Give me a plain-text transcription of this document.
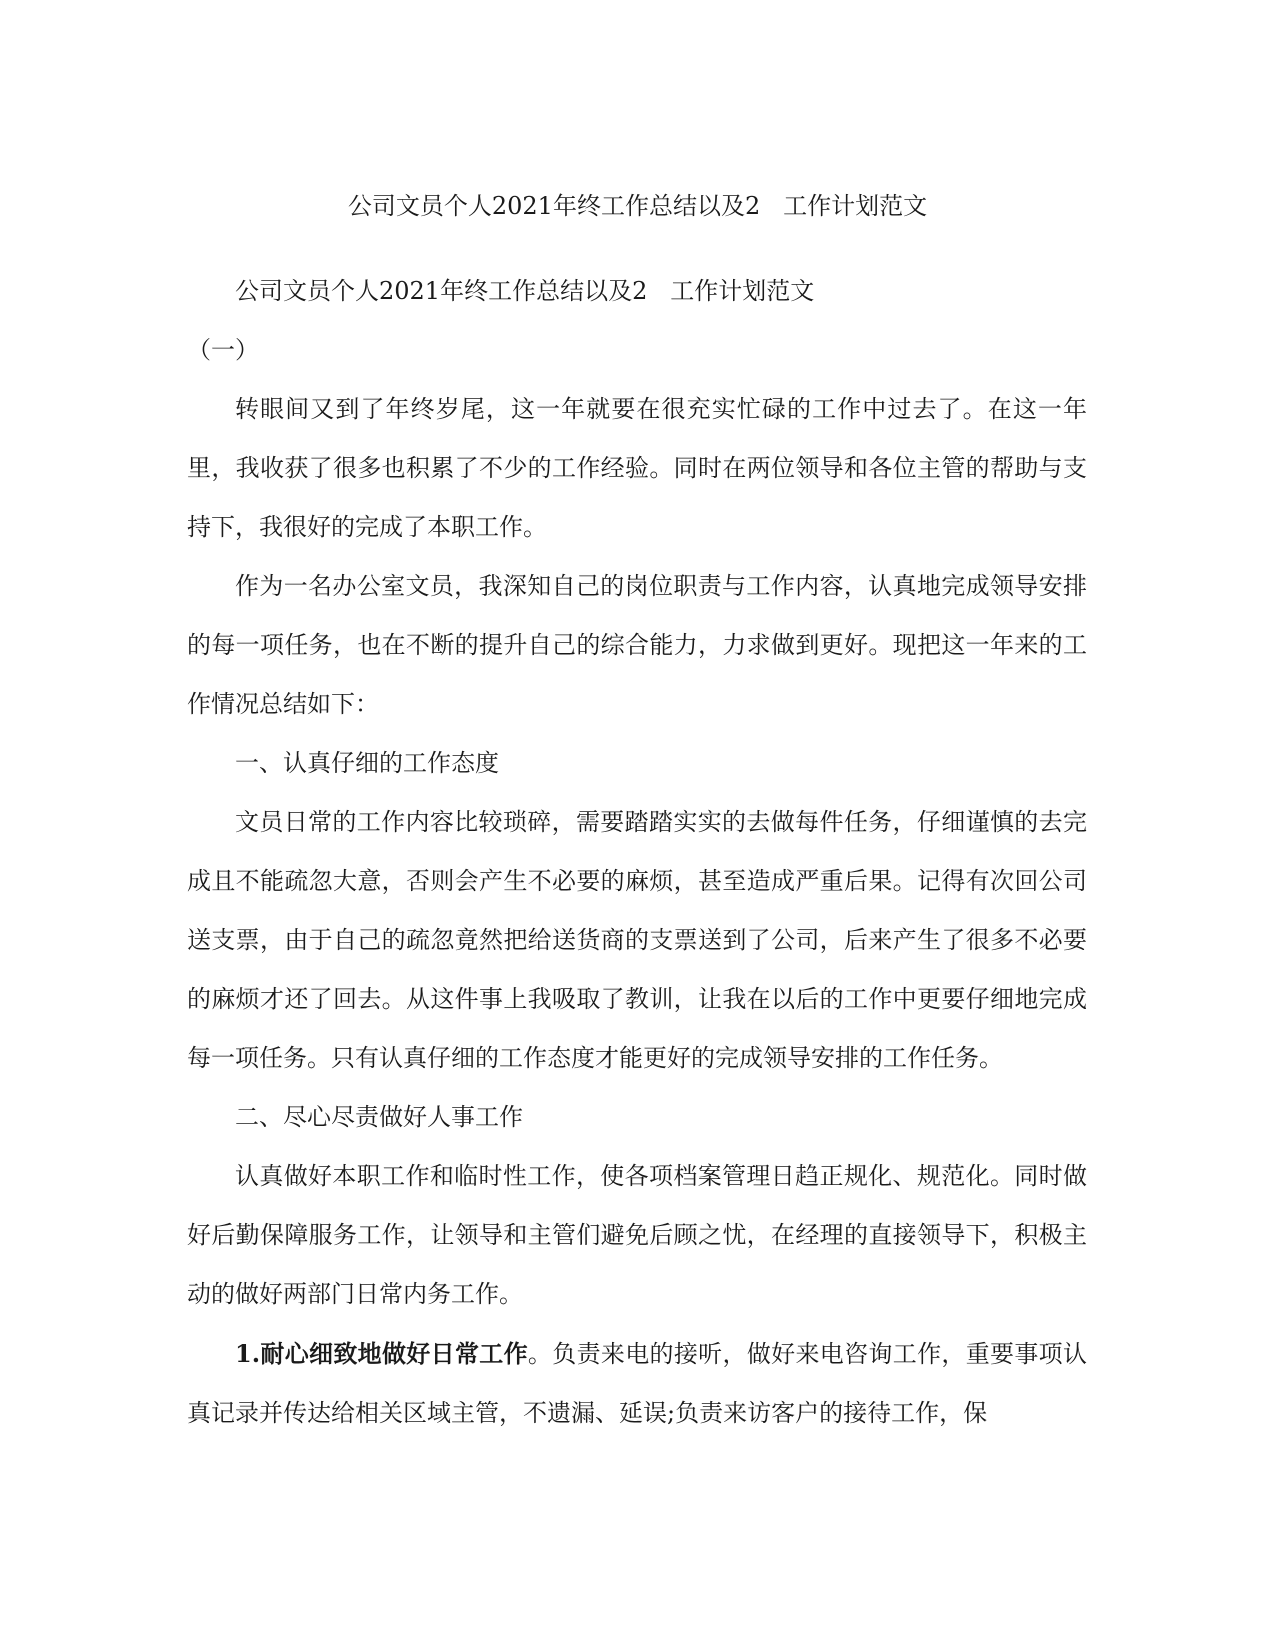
公司文员个人2021年终工作总结以及2   工作计划范文

公司文员个人2021年终工作总结以及2   工作计划范文

（一）

转眼间又到了年终岁尾，这一年就要在很充实忙碌的工作中过去了。在这一年里，我收获了很多也积累了不少的工作经验。同时在两位领导和各位主管的帮助与支持下，我很好的完成了本职工作。

作为一名办公室文员，我深知自己的岗位职责与工作内容，认真地完成领导安排的每一项任务，也在不断的提升自己的综合能力，力求做到更好。现把这一年来的工作情况总结如下：

一、认真仔细的工作态度

文员日常的工作内容比较琐碎，需要踏踏实实的去做每件任务，仔细谨慎的去完成且不能疏忽大意，否则会产生不必要的麻烦，甚至造成严重后果。记得有次回公司送支票，由于自己的疏忽竟然把给送货商的支票送到了公司，后来产生了很多不必要的麻烦才还了回去。从这件事上我吸取了教训，让我在以后的工作中更要仔细地完成每一项任务。只有认真仔细的工作态度才能更好的完成领导安排的工作任务。

二、尽心尽责做好人事工作

认真做好本职工作和临时性工作，使各项档案管理日趋正规化、规范化。同时做好后勤保障服务工作，让领导和主管们避免后顾之忧，在经理的直接领导下，积极主动的做好两部门日常内务工作。

1.耐心细致地做好日常工作。负责来电的接听，做好来电咨询工作，重要事项认真记录并传达给相关区域主管，不遗漏、延误;负责来访客户的接待工作，保
